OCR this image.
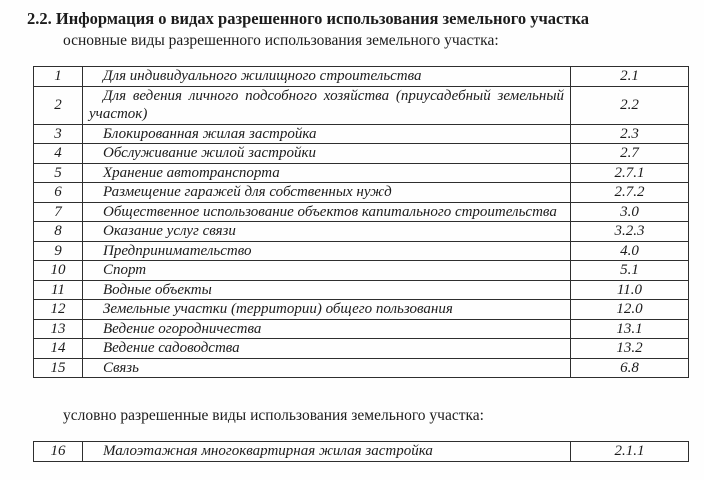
2.2. Информация о видах разрешенного использования земельного участка
основные виды разрешенного использования земельного участка:
1	Для индивидуального жилищного строительства	2.1
2	Для ведения личного подсобного хозяйства (приусадебный земельный участок)	2.2
3	Блокированная жилая застройка	2.3
4	Обслуживание жилой застройки	2.7
5	Хранение автотранспорта	2.7.1
6	Размещение гаражей для собственных нужд	2.7.2
7	Общественное использование объектов капитального строительства	3.0
8	Оказание услуг связи	3.2.3
9	Предпринимательство	4.0
10	Спорт	5.1
11	Водные объекты	11.0
12	Земельные участки (территории) общего пользования	12.0
13	Ведение огородничества	13.1
14	Ведение садоводства	13.2
15	Связь	6.8
условно разрешенные виды использования земельного участка:
16	Малоэтажная многоквартирная жилая застройка	2.1.1
